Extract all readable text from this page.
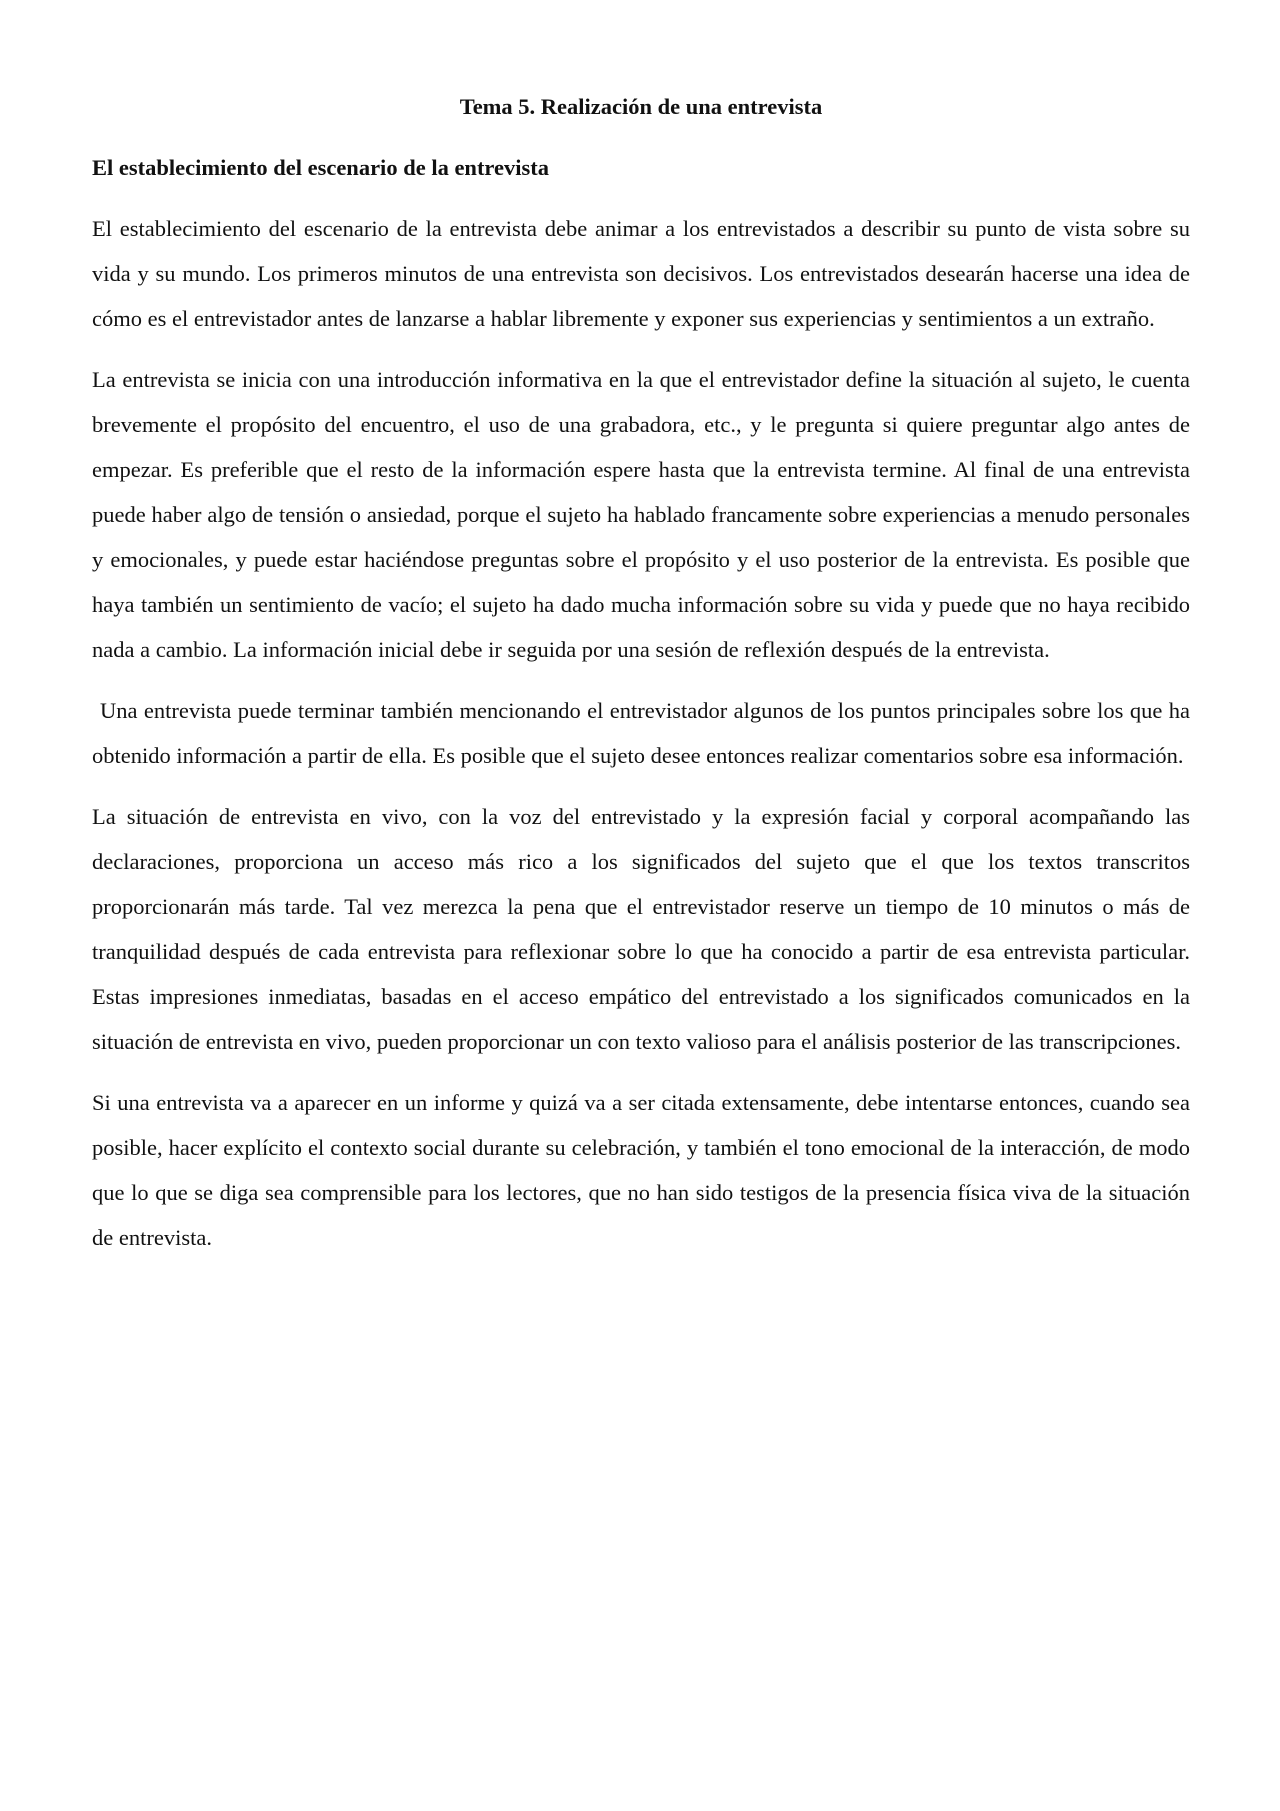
Tema 5. Realización de una entrevista
El establecimiento del escenario de la entrevista

El establecimiento del escenario de la entrevista debe animar a los entrevistados a describir su punto de vista sobre su vida y su mundo. Los primeros minutos de una entrevista son decisivos. Los entrevistados desearán hacerse una idea de cómo es el entrevistador antes de lanzarse a hablar libremente y exponer sus experiencias y sentimientos a un extraño.

La entrevista se inicia con una introducción informativa en la que el entrevistador define la situación al sujeto, le cuenta brevemente el propósito del encuentro, el uso de una grabadora, etc., y le pregunta si quiere preguntar algo antes de empezar. Es preferible que el resto de la información espere hasta que la entrevista termine. Al final de una entrevista puede haber algo de tensión o ansiedad, porque el sujeto ha hablado francamente sobre experiencias a menudo personales y emocionales, y puede estar haciéndose preguntas sobre el propósito y el uso posterior de la entrevista. Es posible que haya también un sentimiento de vacío; el sujeto ha dado mucha información sobre su vida y puede que no haya recibido nada a cambio. La información inicial debe ir seguida por una sesión de reflexión después de la entrevista.

Una entrevista puede terminar también mencionando el entrevistador algunos de los puntos principales sobre los que ha obtenido información a partir de ella. Es posible que el sujeto desee entonces realizar comentarios sobre esa información.

La situación de entrevista en vivo, con la voz del entrevistado y la expresión facial y corporal acompañando las declaraciones, proporciona un acceso más rico a los significados del sujeto que el que los textos transcritos proporcionarán más tarde. Tal vez merezca la pena que el entrevistador reserve un tiempo de 10 minutos o más de tranquilidad después de cada entrevista para reflexionar sobre lo que ha conocido a partir de esa entrevista particular. Estas impresiones inmediatas, basadas en el acceso empático del entrevistado a los significados comunicados en la situación de entrevista en vivo, pueden proporcionar un con texto valioso para el análisis posterior de las transcripciones.

Si una entrevista va a aparecer en un informe y quizá va a ser citada extensamente, debe intentarse entonces, cuando sea posible, hacer explícito el contexto social durante su celebración, y también el tono emocional de la interacción, de modo que lo que se diga sea comprensible para los lectores, que no han sido testigos de la presencia física viva de la situación de entrevista.
